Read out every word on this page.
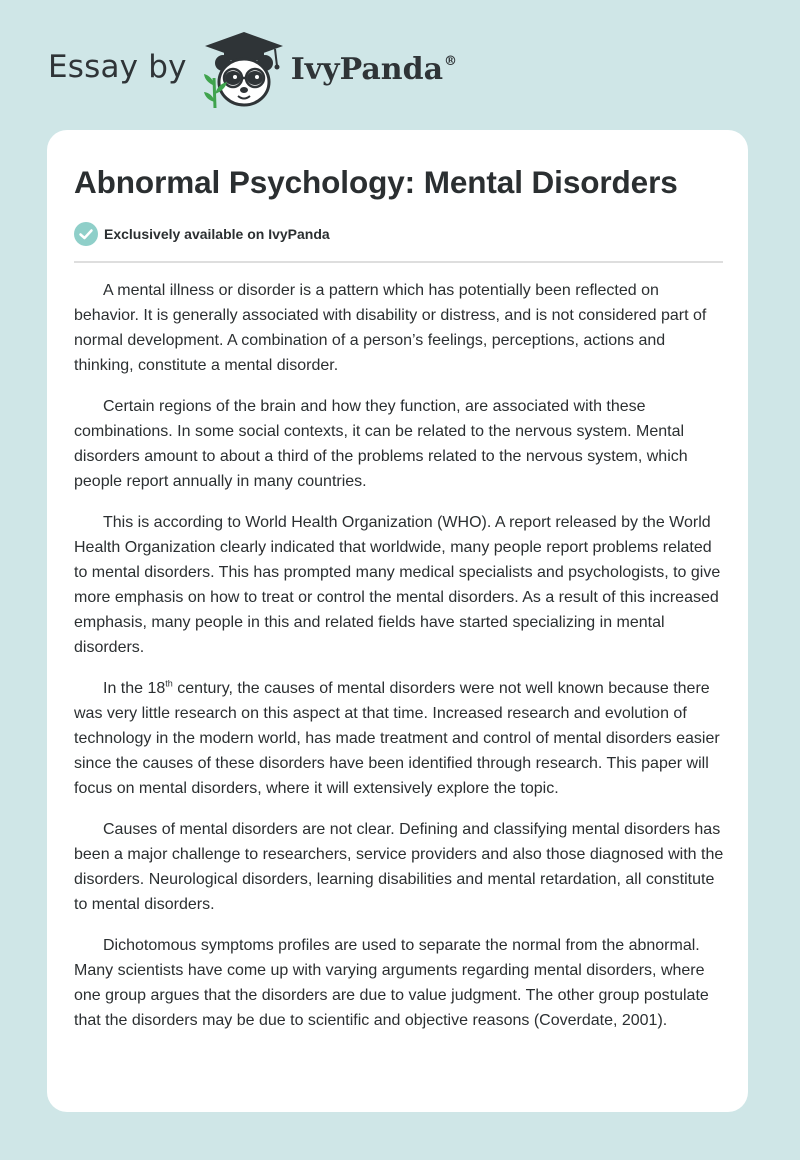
Essay by	IvyPanda®
Abnormal Psychology: Mental Disorders
Exclusively available on IvyPanda

A mental illness or disorder is a pattern which has potentially been reflected on behavior. It is generally associated with disability or distress, and is not considered part of normal development. A combination of a person’s feelings, perceptions, actions and thinking, constitute a mental disorder.

Certain regions of the brain and how they function, are associated with these combinations. In some social contexts, it can be related to the nervous system. Mental disorders amount to about a third of the problems related to the nervous system, which people report annually in many countries.

This is according to World Health Organization (WHO). A report released by the World Health Organization clearly indicated that worldwide, many people report problems related to mental disorders. This has prompted many medical specialists and psychologists, to give more emphasis on how to treat or control the mental disorders. As a result of this increased emphasis, many people in this and related fields have started specializing in mental disorders.

In the 18th century, the causes of mental disorders were not well known because there was very little research on this aspect at that time. Increased research and evolution of technology in the modern world, has made treatment and control of mental disorders easier since the causes of these disorders have been identified through research. This paper will focus on mental disorders, where it will extensively explore the topic.

Causes of mental disorders are not clear. Defining and classifying mental disorders has been a major challenge to researchers, service providers and also those diagnosed with the disorders. Neurological disorders, learning disabilities and mental retardation, all constitute to mental disorders.

Dichotomous symptoms profiles are used to separate the normal from the abnormal. Many scientists have come up with varying arguments regarding mental disorders, where one group argues that the disorders are due to value judgment. The other group postulate that the disorders may be due to scientific and objective reasons (Coverdate, 2001).
